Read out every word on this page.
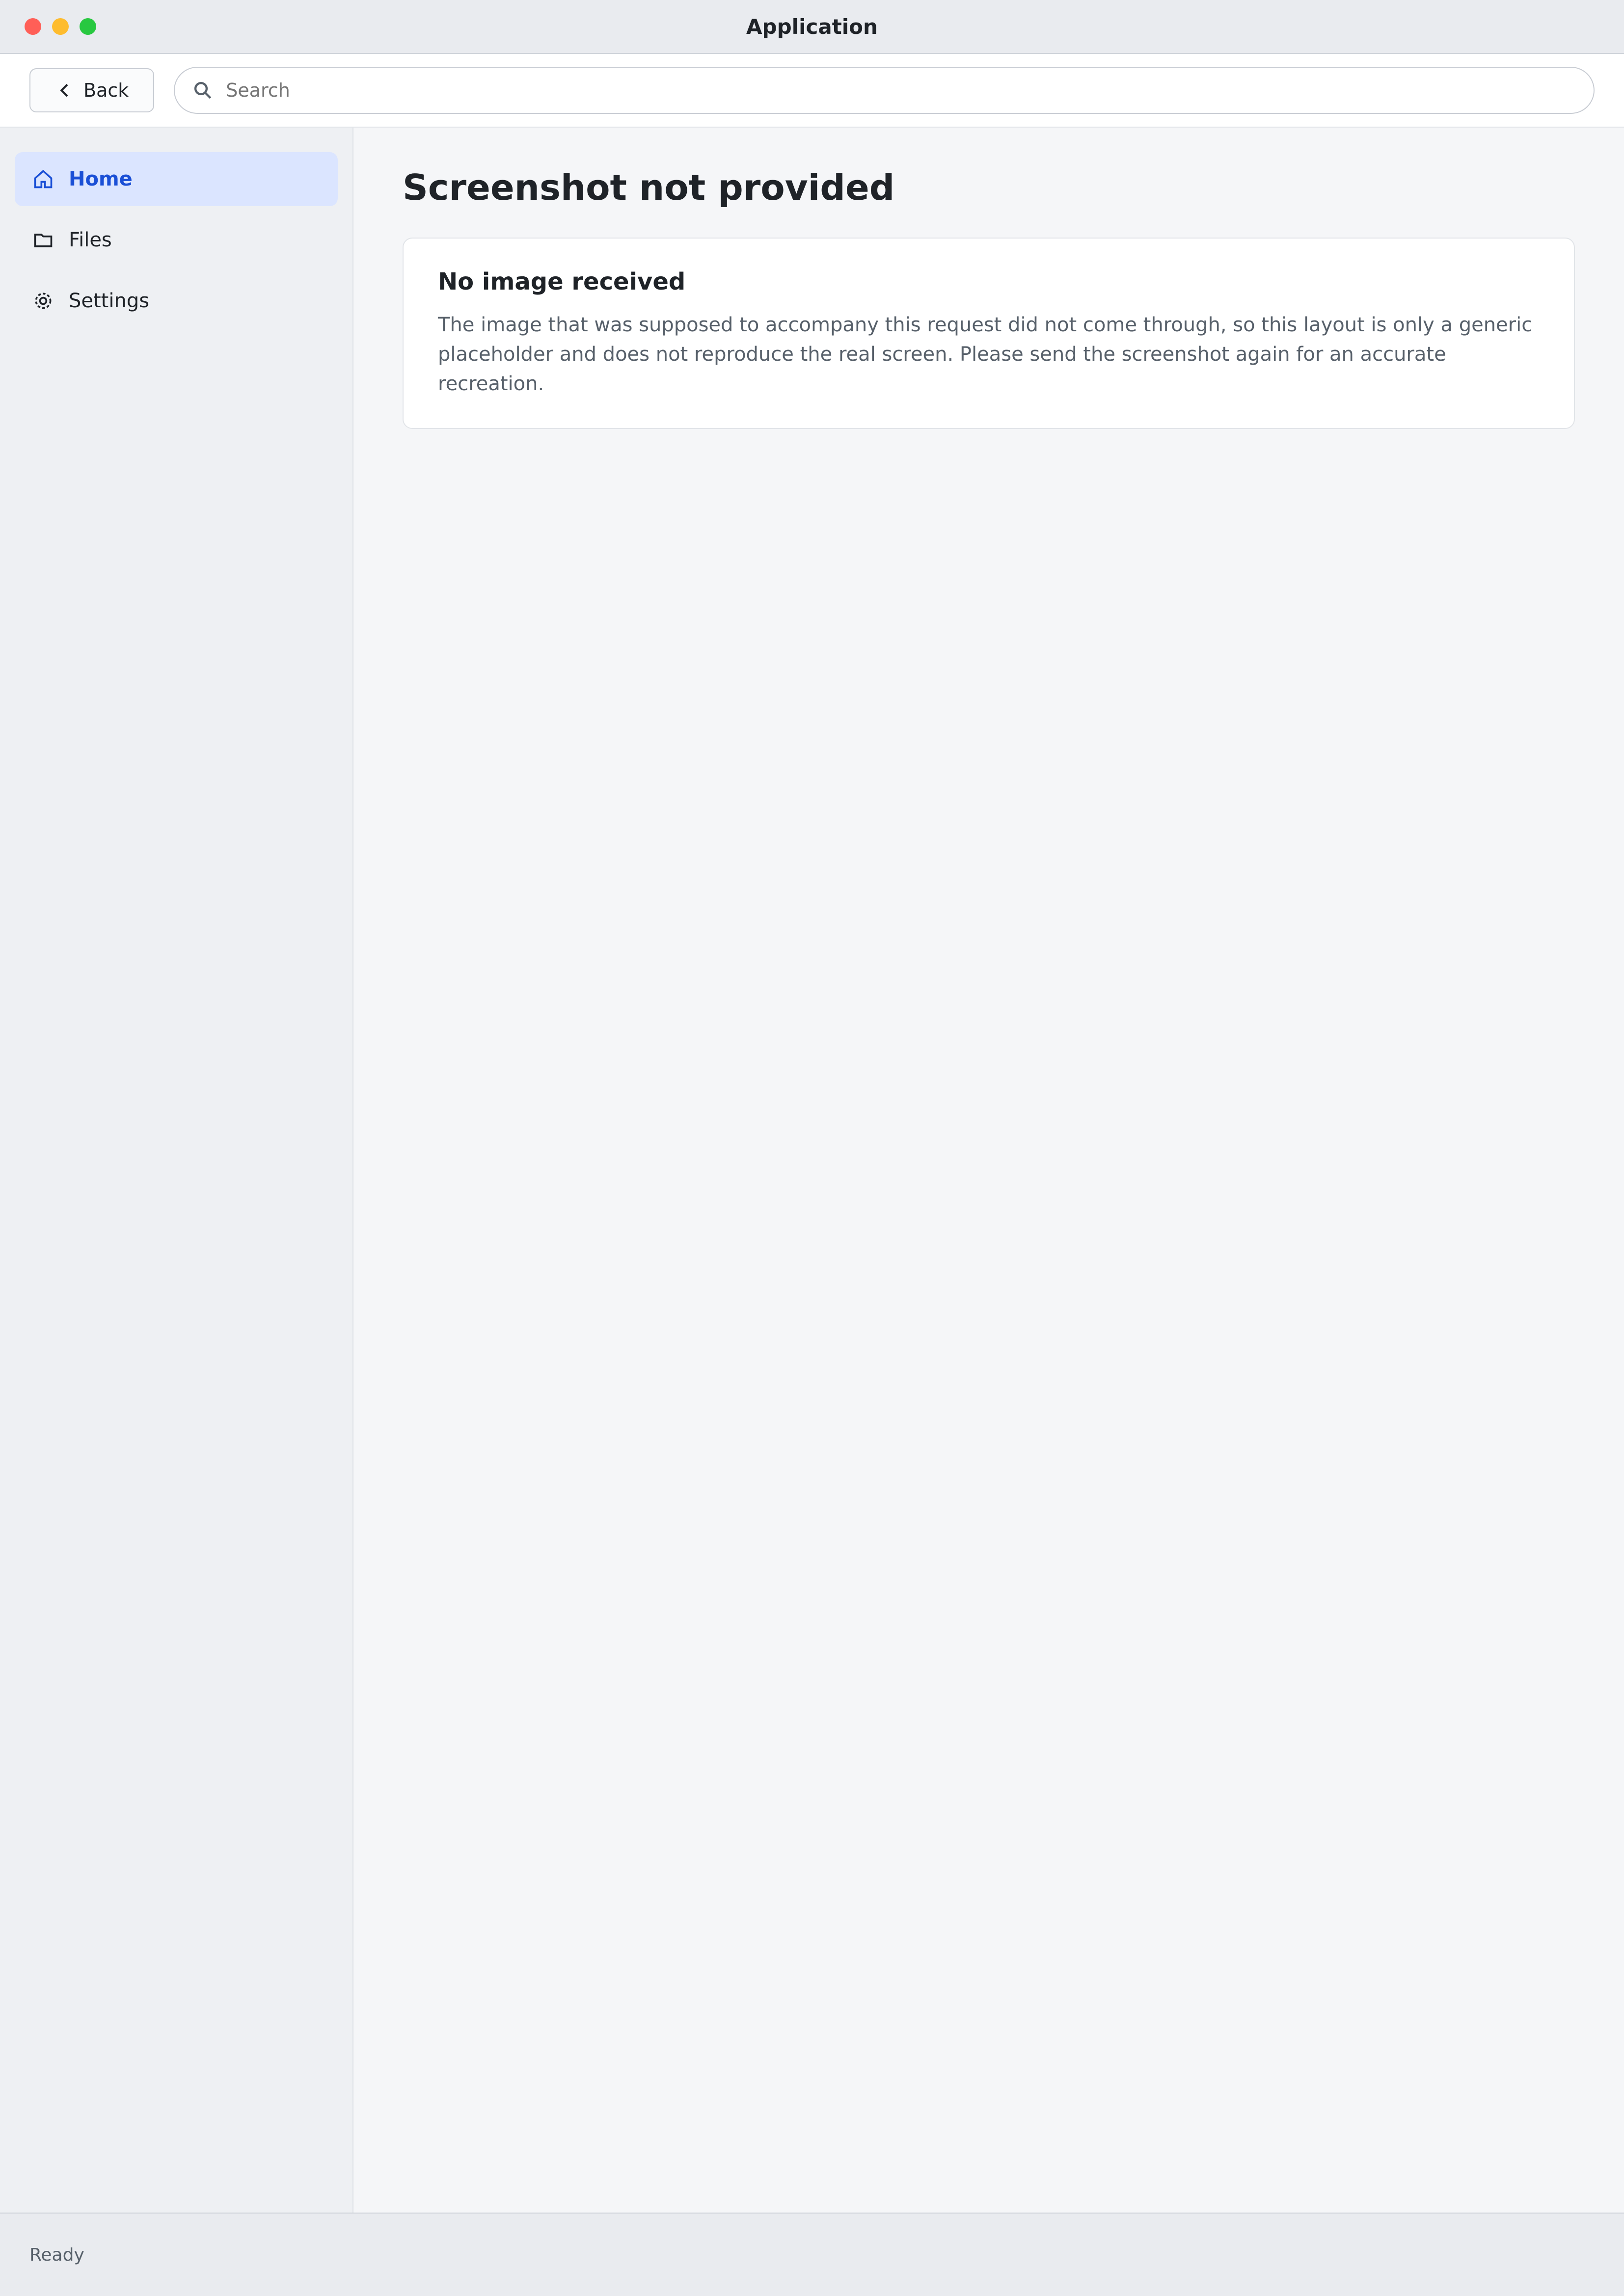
Application
Back
Search
Home
Files
Settings
Screenshot not provided
No image received
The image that was supposed to accompany this request did not come through, so this layout is only a generic placeholder and does not reproduce the real screen. Please send the screenshot again for an accurate recreation.
Ready
